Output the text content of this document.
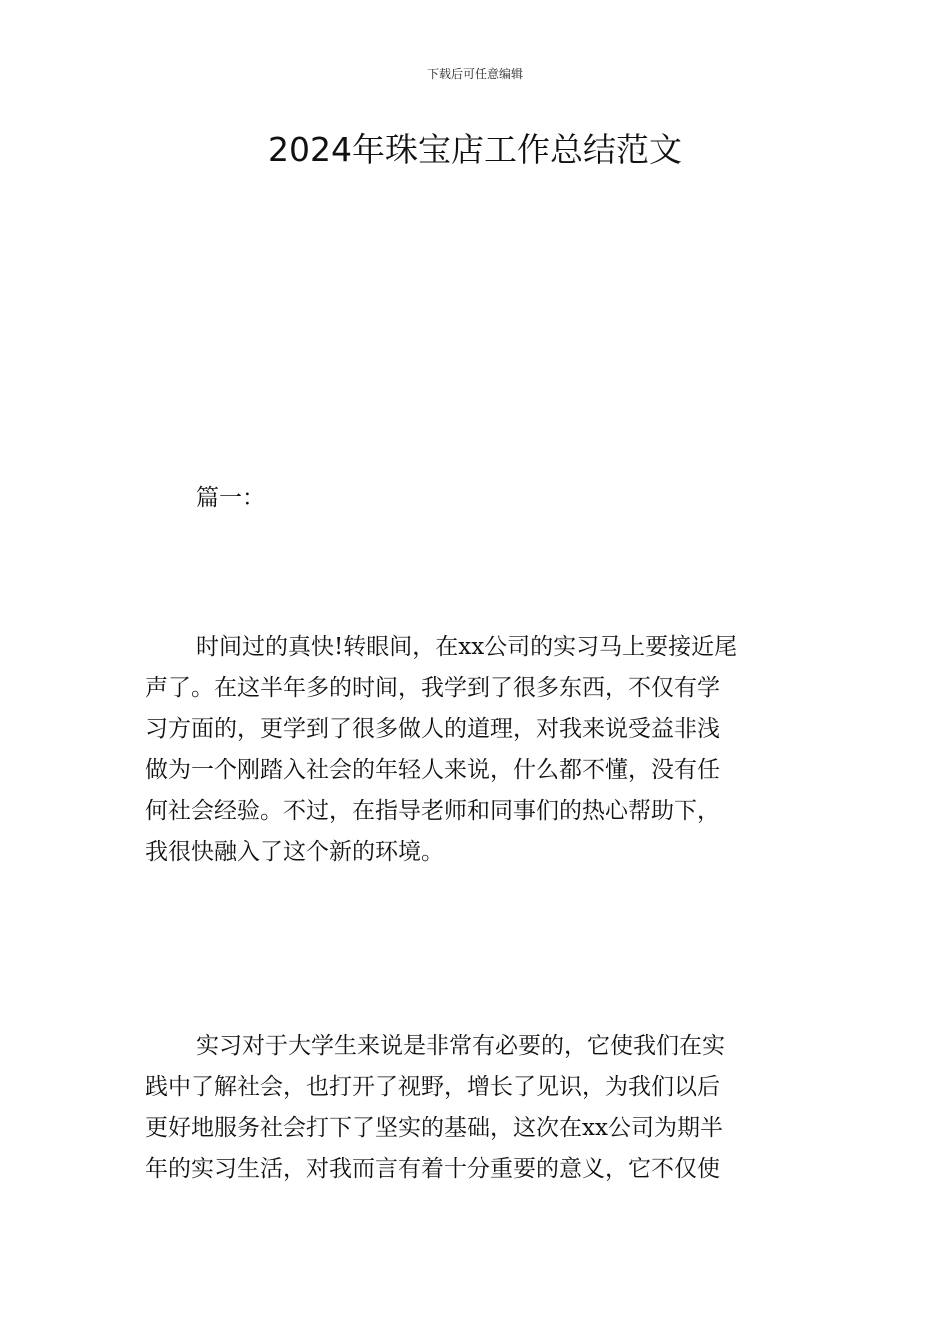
下载后可任意编辑
2024年珠宝店工作总结范文

篇一：

时间过的真快!转眼间，在xx公司的实习马上要接近尾
声了。在这半年多的时间，我学到了很多东西，不仅有学
习方面的，更学到了很多做人的道理，对我来说受益非浅
做为一个刚踏入社会的年轻人来说，什么都不懂，没有任
何社会经验。不过，在指导老师和同事们的热心帮助下，
我很快融入了这个新的环境。
实习对于大学生来说是非常有必要的，它使我们在实
践中了解社会，也打开了视野，增长了见识，为我们以后
更好地服务社会打下了坚实的基础，这次在xx公司为期半
年的实习生活，对我而言有着十分重要的意义，它不仅使
